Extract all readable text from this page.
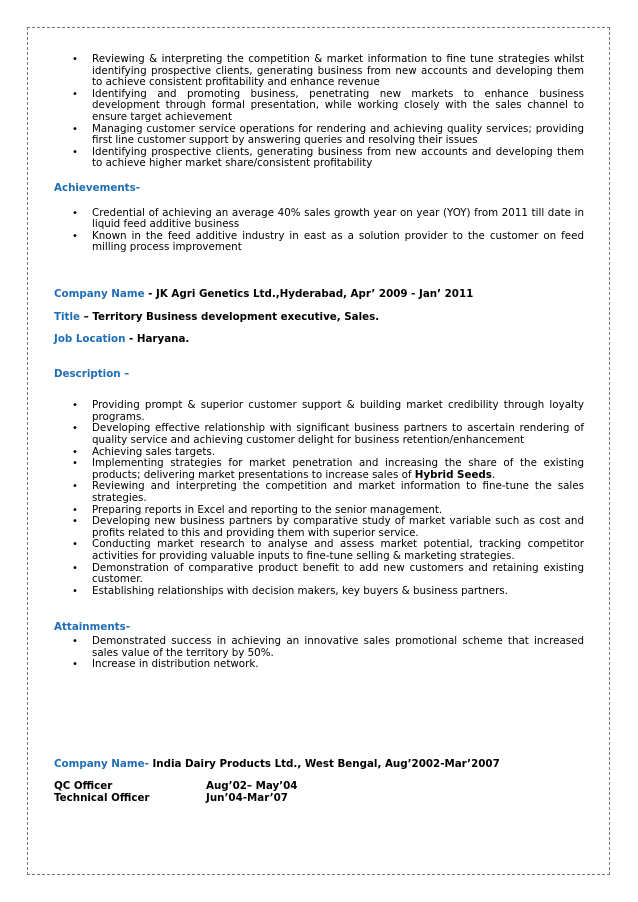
• Reviewing & interpreting the competition & market information to fine tune strategies whilst identifying prospective clients, generating business from new accounts and developing them to achieve consistent profitability and enhance revenue
• Identifying and promoting business, penetrating new markets to enhance business development through formal presentation, while working closely with the sales channel to ensure target achievement
• Managing customer service operations for rendering and achieving quality services; providing first line customer support by answering queries and resolving their issues
• Identifying prospective clients, generating business from new accounts and developing them to achieve higher market share/consistent profitability
Achievements-
• Credential of achieving an average 40% sales growth year on year (YOY) from 2011 till date in liquid feed additive business
• Known in the feed additive industry in east as a solution provider to the customer on feed milling process improvement
Company Name - JK Agri Genetics Ltd.,Hyderabad, Apr’ 2009 - Jan’ 2011
Title – Territory Business development executive, Sales.
Job Location - Haryana.
Description –
• Providing prompt & superior customer support & building market credibility through loyalty programs.
• Developing effective relationship with significant business partners to ascertain rendering of quality service and achieving customer delight for business retention/enhancement
• Achieving sales targets.
• Implementing strategies for market penetration and increasing the share of the existing products; delivering market presentations to increase sales of Hybrid Seeds.
• Reviewing and interpreting the competition and market information to fine-tune the sales strategies.
• Preparing reports in Excel and reporting to the senior management.
• Developing new business partners by comparative study of market variable such as cost and profits related to this and providing them with superior service.
• Conducting market research to analyse and assess market potential, tracking competitor activities for providing valuable inputs to fine-tune selling & marketing strategies.
• Demonstration of comparative product benefit to add new customers and retaining existing customer.
• Establishing relationships with decision makers, key buyers & business partners.
Attainments-
• Demonstrated success in achieving an innovative sales promotional scheme that increased sales value of the territory by 50%.
• Increase in distribution network.
Company Name- India Dairy Products Ltd., West Bengal, Aug’2002-Mar’2007
QC Officer	Aug’02– May’04
Technical Officer	Jun’04-Mar’07
